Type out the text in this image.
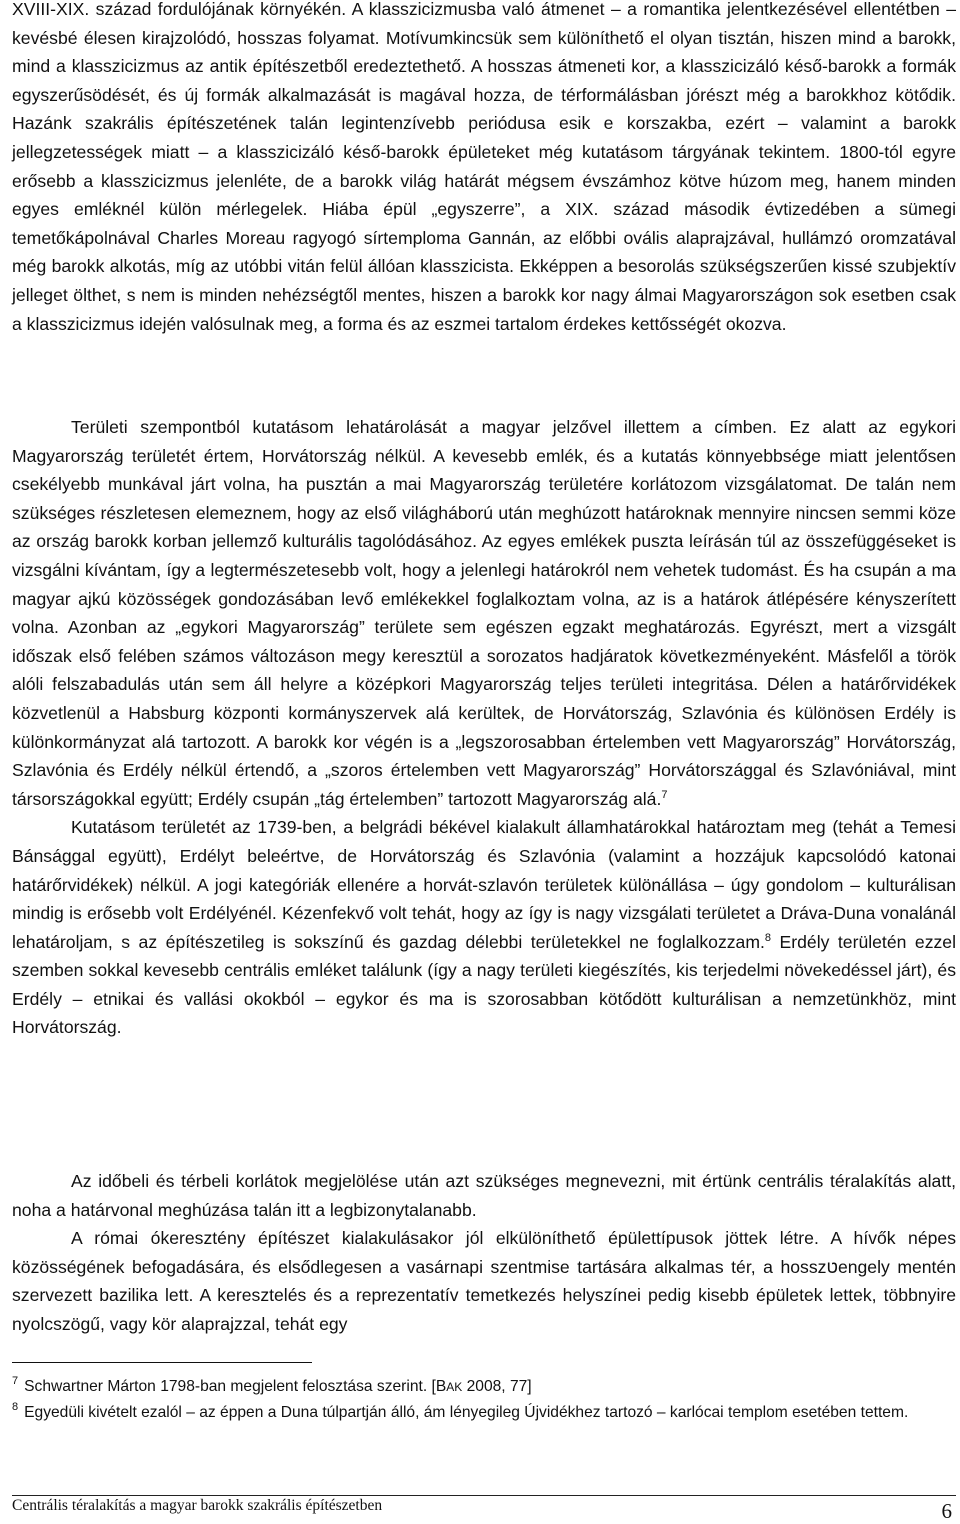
XVIII-XIX. század fordulójának környékén. A klasszicizmusba való átmenet – a romantika jelentkezésével ellentétben – kevésbé élesen kirajzolódó, hosszas folyamat. Motívumkincsük sem különíthető el olyan tisztán, hiszen mind a barokk, mind a klasszicizmus az antik építészetből eredeztethető. A hosszas átmeneti kor, a klasszicizáló késő-barokk a formák egyszerűsödését, és új formák alkalmazását is magával hozza, de térformálásban jórészt még a barokkhoz kötődik. Hazánk szakrális építészetének talán legintenzívebb periódusa esik e korszakba, ezért – valamint a barokk jellegzetességek miatt – a klasszicizáló késő-barokk épületeket még kutatásom tárgyának tekintem. 1800-tól egyre erősebb a klasszicizmus jelenléte, de a barokk világ határát mégsem évszámhoz kötve húzom meg, hanem minden egyes emléknél külön mérlegelek. Hiába épül „egyszerre”, a XIX. század második évtizedében a sümegi temetőkápolnával Charles Moreau ragyogó sírtemploma Gannán, az előbbi ovális alaprajzával, hullámzó oromzatával még barokk alkotás, míg az utóbbi vitán felül állóan klasszicista. Ekképpen a besorolás szükségszerűen kissé szubjektív jelleget ölthet, s nem is minden nehézségtől mentes, hiszen a barokk kor nagy álmai Magyarországon sok esetben csak a klasszicizmus idején valósulnak meg, a forma és az eszmei tartalom érdekes kettősségét okozva.

Területi szempontból kutatásom lehatárolását a magyar jelzővel illettem a címben. Ez alatt az egykori Magyarország területét értem, Horvátország nélkül. A kevesebb emlék, és a kutatás könnyebbsége miatt jelentősen csekélyebb munkával járt volna, ha pusztán a mai Magyarország területére korlátozom vizsgálatomat. De talán nem szükséges részletesen elemeznem, hogy az első világháború után meghúzott határoknak mennyire nincsen semmi köze az ország barokk korban jellemző kulturális tagolódásához. Az egyes emlékek puszta leírásán túl az összefüggéseket is vizsgálni kívántam, így a legtermészetesebb volt, hogy a jelenlegi határokról nem vehetek tudomást. És ha csupán a ma magyar ajkú közösségek gondozásában levő emlékekkel foglalkoztam volna, az is a határok átlépésére kényszerített volna. Azonban az „egykori Magyarország” területe sem egészen egzakt meghatározás. Egyrészt, mert a vizsgált időszak első felében számos változáson megy keresztül a sorozatos hadjáratok következményeként. Másfelől a török alóli felszabadulás után sem áll helyre a középkori Magyarország teljes területi integritása. Délen a határőrvidékek közvetlenül a Habsburg központi kormányszervek alá kerültek, de Horvátország, Szlavónia és különösen Erdély is különkormányzat alá tartozott. A barokk kor végén is a „legszorosabban értelemben vett Magyarország” Horvátország, Szlavónia és Erdély nélkül értendő, a „szoros értelemben vett Magyarország” Horvátországgal és Szlavóniával, mint társországokkal együtt; Erdély csupán „tág értelemben” tartozott Magyarország alá.$^7$

Kutatásom területét az 1739-ben, a belgrádi békével kialakult államhatárokkal határoztam meg (tehát a Temesi Bánsággal együtt), Erdélyt beleértve, de Horvátország és Szlavónia (valamint a hozzájuk kapcsolódó katonai határőrvidékek) nélkül. A jogi kategóriák ellenére a horvát-szlavón területek különállása – úgy gondolom – kulturálisan mindig is erősebb volt Erdélyénél. Kézenfekvő volt tehát, hogy az így is nagy vizsgálati területet a Dráva-Duna vonalánál lehatároljam, s az építészetileg is sokszínű és gazdag délebbi területekkel ne foglalkozzam.$^8$ Erdély területén ezzel szemben sokkal kevesebb centrális emléket találunk (így a nagy területi kiegészítés, kis terjedelmi növekedéssel járt), és Erdély – etnikai és vallási okokból – egykor és ma is szorosabban kötődött kulturálisan a nemzetünkhöz, mint Horvátország.

Az időbeli és térbeli korlátok megjelölése után azt szükséges megnevezni, mit értünk centrális téralakítás alatt, noha a határvonal meghúzása talán itt a legbizonytalanabb.

A római ókeresztény építészet kialakulásakor jól elkülöníthető épülettípusok jöttek létre. A hívők népes közösségének befogadására, és elsődlegesen a vasárnapi szentmise tartására alkalmas tér, a hosszטengely mentén szervezett bazilika lett. A keresztelés és a reprezentatív temetkezés helyszínei pedig kisebb épületek lettek, többnyire nyolcszögű, vagy kör alaprajzzal, tehát egy

$^7$ Schwartner Márton 1798-ban megjelent felosztása szerint. [BAK 2008, 77]

$^8$ Egyedüli kivételt ezalól – az éppen a Duna túlpartján álló, ám lényegileg Újvidékhez tartozó – karlócai templom esetében tettem.

Centrális téralakítás a magyar barokk szakrális építészetben	6
